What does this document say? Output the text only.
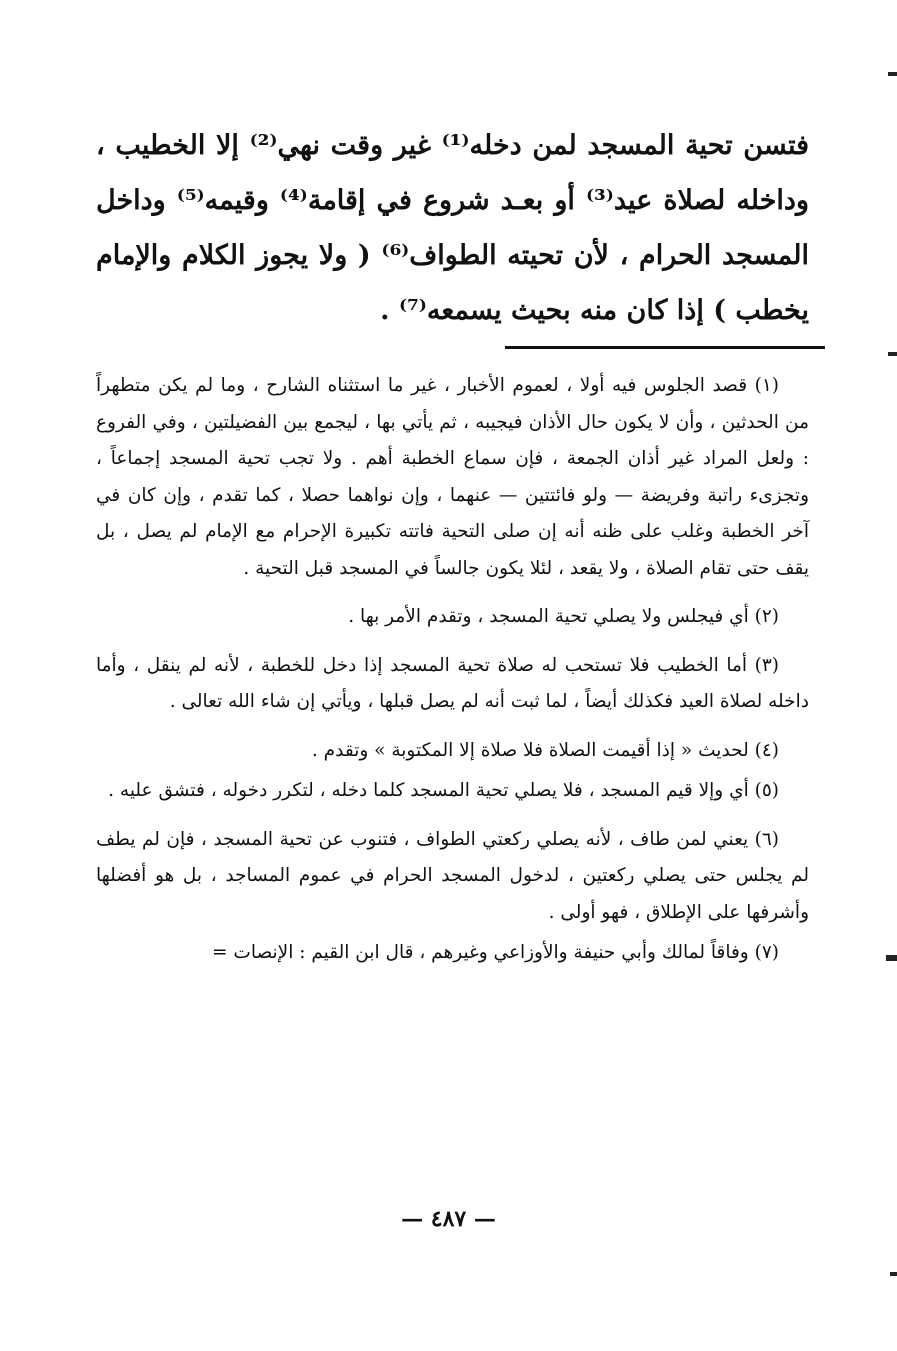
فتسن تحية المسجد لمن دخله⁽¹⁾ غير وقت نهي⁽²⁾ إلا الخطيب ، وداخله لصلاة عيد⁽³⁾ أو بعـد شروع في إقامة⁽⁴⁾ وقيمه⁽⁵⁾ وداخل المسجد الحرام ، لأن تحيته الطواف⁽⁶⁾ ( ولا يجوز الكلام والإمام يخطب ) إذا كان منه بحيث يسمعه⁽⁷⁾ .

(١) قصد الجلوس فيه أولا ، لعموم الأخبار ، غير ما استثناه الشارح ، وما لم يكن متطهراً من الحدثين ، وأن لا يكون حال الأذان فيجيبه ، ثم يأتي بها ، ليجمع بين الفضيلتين ، وفي الفروع : ولعل المراد غير أذان الجمعة ، فإن سماع الخطبة أهم . ولا تجب تحية المسجد إجماعاً ، وتجزىء راتبة وفريضة — ولو فائتتين — عنهما ، وإن نواهما حصلا ، كما تقدم ، وإن كان في آخر الخطبة وغلب على ظنه أنه إن صلى التحية فاتته تكبيرة الإحرام مع الإمام لم يصل ، بل يقف حتى تقام الصلاة ، ولا يقعد ، لئلا يكون جالساً في المسجد قبل التحية .

(٢) أي فيجلس ولا يصلي تحية المسجد ، وتقدم الأمر بها .

(٣) أما الخطيب فلا تستحب له صلاة تحية المسجد إذا دخل للخطبة ، لأنه لم ينقل ، وأما داخله لصلاة العيد فكذلك أيضاً ، لما ثبت أنه لم يصل قبلها ، ويأتي إن شاء الله تعالى .

(٤) لحديث « إذا أقيمت الصلاة فلا صلاة إلا المكتوبة » وتقدم .

(٥) أي وإلا قيم المسجد ، فلا يصلي تحية المسجد كلما دخله ، لتكرر دخوله ، فتشق عليه .

(٦) يعني لمن طاف ، لأنه يصلي ركعتي الطواف ، فتنوب عن تحية المسجد ، فإن لم يطف لم يجلس حتى يصلي ركعتين ، لدخول المسجد الحرام في عموم المساجد ، بل هو أفضلها وأشرفها على الإطلاق ، فهو أولى .

(٧) وفاقاً لمالك وأبي حنيفة والأوزاعي وغيرهم ، قال ابن القيم : الإنصات =

— ٤٨٧ —
